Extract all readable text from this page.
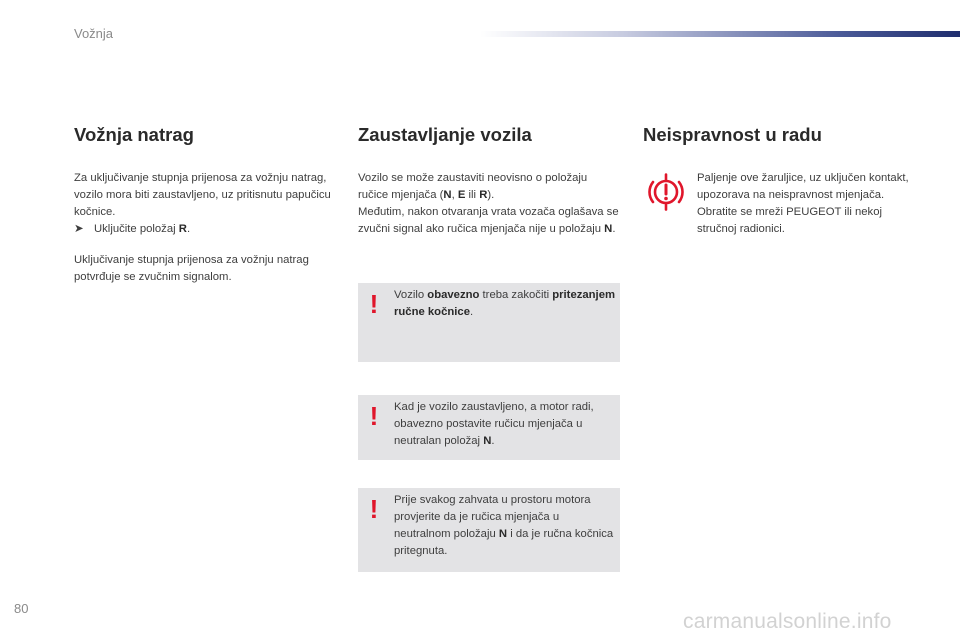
Vožnja
Vožnja natrag

Za uključivanje stupnja prijenosa za vožnju natrag, vozilo mora biti zaustavljeno, uz pritisnutu papučicu kočnice.

➤ Uključite položaj R.

Uključivanje stupnja prijenosa za vožnju natrag potvrđuje se zvučnim signalom.

Zaustavljanje vozila

Vozilo se može zaustaviti neovisno o položaju ručice mjenjača (N, E ili R).

Međutim, nakon otvaranja vrata vozača oglašava se zvučni signal ako ručica mjenjača nije u položaju N.

! Vozilo obavezno treba zakočiti pritezanjem ručne kočnice.
! Kad je vozilo zaustavljeno, a motor radi, obavezno postavite ručicu mjenjača u neutralan položaj N.
! Prije svakog zahvata u prostoru motora provjerite da je ručica mjenjača u neutralnom položaju N i da je ručna kočnica pritegnuta.
Neispravnost u radu

Paljenje ove žaruljice, uz uključen kontakt, upozorava na neispravnost mjenjača.

Obratite se mreži PEUGEOT ili nekoj stručnoj radionici.

80
carmanualsonline.info
